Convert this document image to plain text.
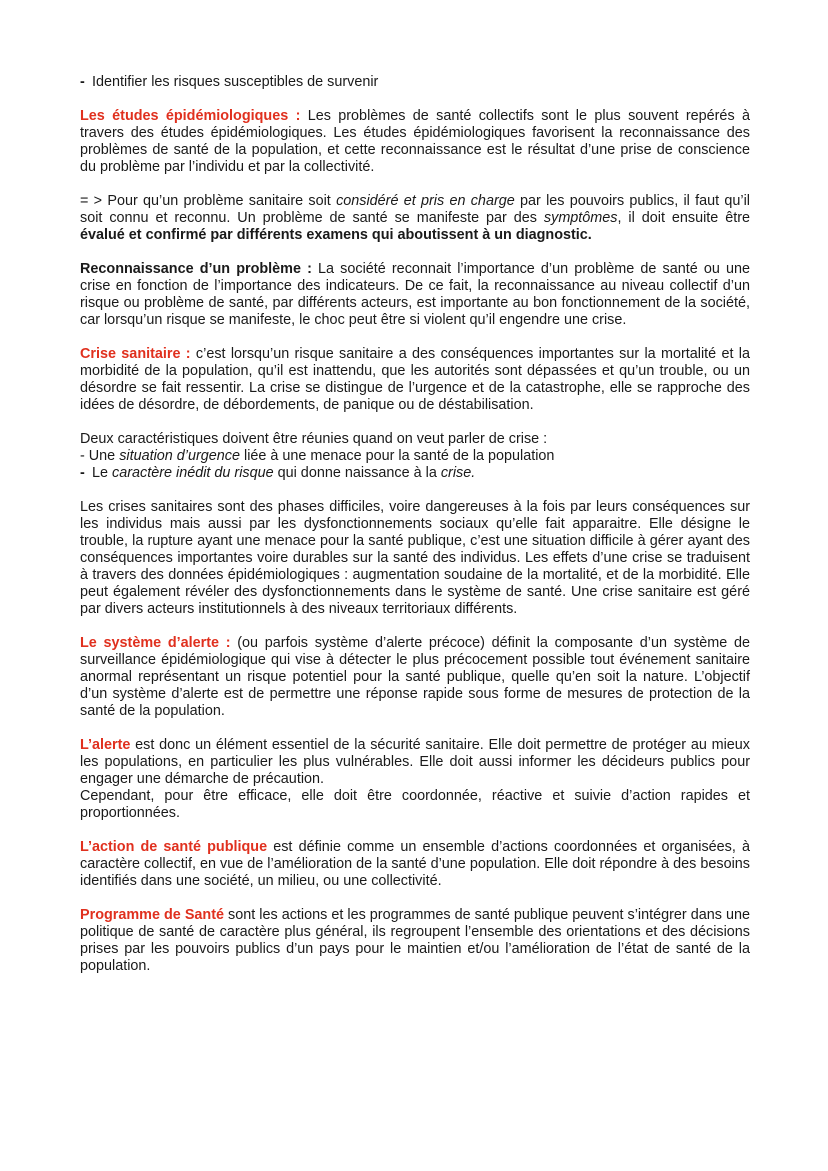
- Identifier les risques susceptibles de survenir

Les études épidémiologiques : Les problèmes de santé collectifs sont le plus souvent repérés à travers des études épidémiologiques. Les études épidémiologiques favorisent la reconnaissance des problèmes de santé de la population, et cette reconnaissance est le résultat d’une prise de conscience du problème par l’individu et par la collectivité.

= > Pour qu’un problème sanitaire soit considéré et pris en charge par les pouvoirs publics, il faut qu’il soit connu et reconnu. Un problème de santé se manifeste par des symptômes, il doit ensuite être évalué et confirmé par différents examens qui aboutissent à un diagnostic.

Reconnaissance d’un problème : La société reconnait l’importance d’un problème de santé ou une crise en fonction de l’importance des indicateurs. De ce fait, la reconnaissance au niveau collectif d’un risque ou problème de santé, par différents acteurs, est importante au bon fonctionnement de la société, car lorsqu’un risque se manifeste, le choc peut être si violent qu’il engendre une crise.

Crise sanitaire : c’est lorsqu’un risque sanitaire a des conséquences importantes sur la mortalité et la morbidité de la population, qu’il est inattendu, que les autorités sont dépassées et qu’un trouble, ou un désordre se fait ressentir. La crise se distingue de l’urgence et de la catastrophe, elle se rapproche des idées de désordre, de débordements, de panique ou de déstabilisation.

Deux caractéristiques doivent être réunies quand on veut parler de crise :

- Une situation d’urgence liée à une menace pour la santé de la population

- Le caractère inédit du risque qui donne naissance à la crise.

Les crises sanitaires sont des phases difficiles, voire dangereuses à la fois par leurs conséquences sur les individus mais aussi par les dysfonctionnements sociaux qu’elle fait apparaitre. Elle désigne le trouble, la rupture ayant une menace pour la santé publique, c’est une situation difficile à gérer ayant des conséquences importantes voire durables sur la santé des individus. Les effets d’une crise se traduisent à travers des données épidémiologiques : augmentation soudaine de la mortalité, et de la morbidité. Elle peut également révéler des dysfonctionnements dans le système de santé. Une crise sanitaire est géré par divers acteurs institutionnels à des niveaux territoriaux différents.

Le système d’alerte : (ou parfois système d’alerte précoce) définit la composante d’un système de surveillance épidémiologique qui vise à détecter le plus précocement possible tout événement sanitaire anormal représentant un risque potentiel pour la santé publique, quelle qu’en soit la nature. L’objectif d’un système d’alerte est de permettre une réponse rapide sous forme de mesures de protection de la santé de la population.

L’alerte est donc un élément essentiel de la sécurité sanitaire. Elle doit permettre de protéger au mieux les populations, en particulier les plus vulnérables. Elle doit aussi informer les décideurs publics pour engager une démarche de précaution.

Cependant, pour être efficace, elle doit être coordonnée, réactive et suivie d’action rapides et proportionnées.

L’action de santé publique est définie comme un ensemble d’actions coordonnées et organisées, à caractère collectif, en vue de l’amélioration de la santé d’une population. Elle doit répondre à des besoins identifiés dans une société, un milieu, ou une collectivité.

Programme de Santé sont les actions et les programmes de santé publique peuvent s’intégrer dans une politique de santé de caractère plus général, ils regroupent l’ensemble des orientations et des décisions prises par les pouvoirs publics d’un pays pour le maintien et/ou l’amélioration de l’état de santé de la population.
